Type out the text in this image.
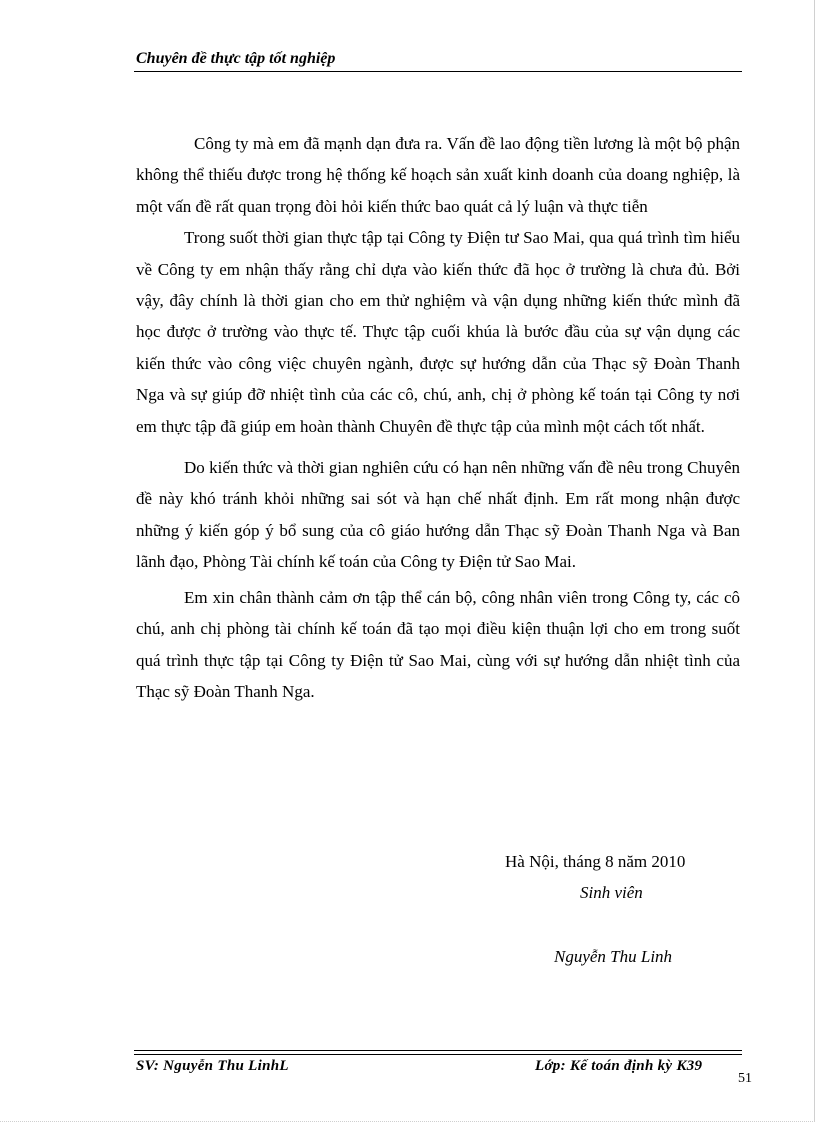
Chuyên đề thực tập tốt nghiệp

Công ty mà em đã mạnh dạn đưa ra. Vấn đề lao động tiền lương là một bộ phận không thể thiếu được trong hệ thống kế hoạch sản xuất kinh doanh của doang nghiệp, là một vấn đề rất quan trọng đòi hỏi kiến thức bao quát cả lý luận và thực tiễn

Trong suốt thời gian thực tập tại Công ty Điện tư Sao Mai, qua quá trình tìm hiểu về Công ty em nhận thấy rằng chỉ dựa vào kiến thức đã học ở trường là chưa đủ. Bởi vậy, đây chính là thời gian cho em thử nghiệm và vận dụng những kiến thức mình đã học được ở trường vào thực tế. Thực tập cuối khúa là bước đầu của sự vận dụng các kiến thức vào công việc chuyên ngành, được sự hướng dẫn của Thạc sỹ Đoàn Thanh Nga và sự giúp đỡ nhiệt tình của các cô, chú, anh, chị ở phòng kế toán tại Công ty nơi em thực tập đã giúp em hoàn thành Chuyên đề thực tập của mình một cách tốt nhất.

Do kiến thức và thời gian nghiên cứu có hạn nên những vấn đề nêu trong Chuyên đề này khó tránh khỏi những sai sót và hạn chế nhất định. Em rất mong nhận được những ý kiến góp ý bổ sung của cô giáo hướng dẫn Thạc sỹ Đoàn Thanh Nga và Ban lãnh đạo, Phòng Tài chính kế toán của Công ty Điện tử Sao Mai.

Em xin chân thành cảm ơn tập thể cán bộ, công nhân viên trong Công ty, các cô chú, anh chị phòng tài chính kế toán đã tạo mọi điều kiện thuận lợi cho em trong suốt quá trình thực tập tại Công ty Điện tử Sao Mai, cùng với sự hướng dẫn nhiệt tình của Thạc sỹ Đoàn Thanh Nga.

Hà Nội, tháng 8 năm 2010
Sinh viên
Nguyễn Thu Linh
SV: Nguyễn Thu LinhL	Lớp: Kế toán định kỳ K39
51
